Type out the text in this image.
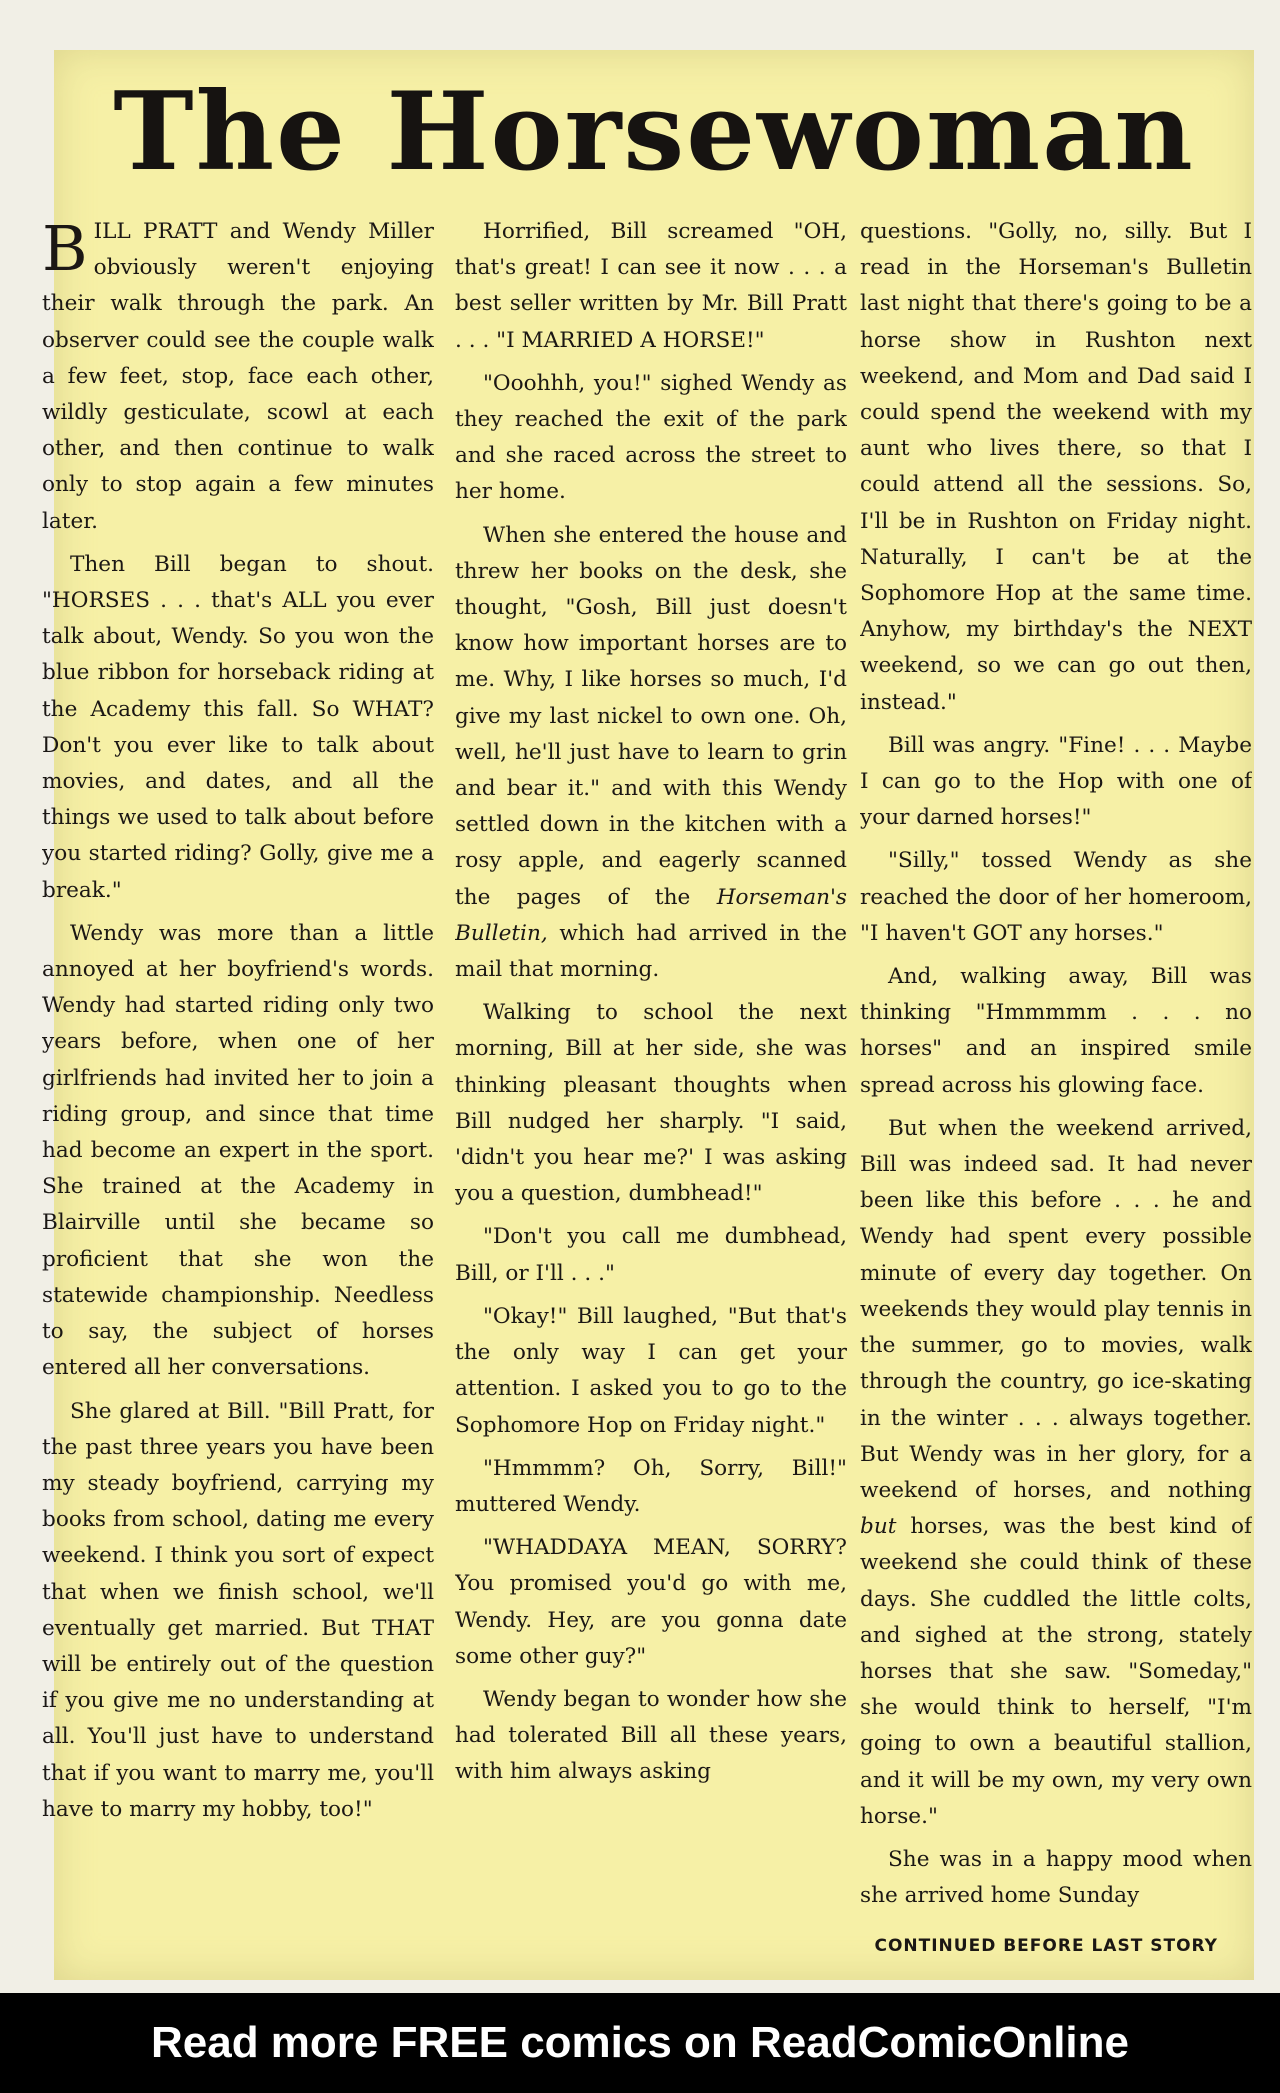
The Horsewoman

BILL PRATT and Wendy Miller obviously weren't enjoying their walk through the park. An observer could see the couple walk a few feet, stop, face each other, wildly gesticulate, scowl at each other, and then continue to walk only to stop again a few minutes later.

Then Bill began to shout. "HORSES . . . that's ALL you ever talk about, Wendy. So you won the blue ribbon for horseback riding at the Academy this fall. So WHAT? Don't you ever like to talk about movies, and dates, and all the things we used to talk about before you started riding? Golly, give me a break."

Wendy was more than a little annoyed at her boyfriend's words. Wendy had started riding only two years before, when one of her girlfriends had invited her to join a riding group, and since that time had become an expert in the sport. She trained at the Academy in Blairville until she became so proficient that she won the statewide championship. Needless to say, the subject of horses entered all her conversations.

She glared at Bill. "Bill Pratt, for the past three years you have been my steady boyfriend, carrying my books from school, dating me every weekend. I think you sort of expect that when we finish school, we'll eventually get married. But THAT will be entirely out of the question if you give me no understanding at all. You'll just have to understand that if you want to marry me, you'll have to marry my hobby, too!"

Horrified, Bill screamed "OH, that's great! I can see it now . . . a best seller written by Mr. Bill Pratt . . . "I MARRIED A HORSE!"

"Ooohhh, you!" sighed Wendy as they reached the exit of the park and she raced across the street to her home.

When she entered the house and threw her books on the desk, she thought, "Gosh, Bill just doesn't know how important horses are to me. Why, I like horses so much, I'd give my last nickel to own one. Oh, well, he'll just have to learn to grin and bear it." and with this Wendy settled down in the kitchen with a rosy apple, and eagerly scanned the pages of the Horseman's Bulletin, which had arrived in the mail that morning.

Walking to school the next morning, Bill at her side, she was thinking pleasant thoughts when Bill nudged her sharply. "I said, 'didn't you hear me?' I was asking you a question, dumbhead!"

"Don't you call me dumbhead, Bill, or I'll . . ."

"Okay!" Bill laughed, "But that's the only way I can get your attention. I asked you to go to the Sophomore Hop on Friday night."

"Hmmmm? Oh, Sorry, Bill!" muttered Wendy.

"WHADDAYA MEAN, SORRY? You promised you'd go with me, Wendy. Hey, are you gonna date some other guy?"

Wendy began to wonder how she had tolerated Bill all these years, with him always asking

questions. "Golly, no, silly. But I read in the Horseman's Bulletin last night that there's going to be a horse show in Rushton next weekend, and Mom and Dad said I could spend the weekend with my aunt who lives there, so that I could attend all the sessions. So, I'll be in Rushton on Friday night. Naturally, I can't be at the Sophomore Hop at the same time. Anyhow, my birthday's the NEXT weekend, so we can go out then, instead."

Bill was angry. "Fine! . . . Maybe I can go to the Hop with one of your darned horses!"

"Silly," tossed Wendy as she reached the door of her homeroom, "I haven't GOT any horses."

And, walking away, Bill was thinking "Hmmmmm . . . no horses" and an inspired smile spread across his glowing face.

But when the weekend arrived, Bill was indeed sad. It had never been like this before . . . he and Wendy had spent every possible minute of every day together. On weekends they would play tennis in the summer, go to movies, walk through the country, go ice-skating in the winter . . . always together. But Wendy was in her glory, for a weekend of horses, and nothing but horses, was the best kind of weekend she could think of these days. She cuddled the little colts, and sighed at the strong, stately horses that she saw. "Someday," she would think to herself, "I'm going to own a beautiful stallion, and it will be my own, my very own horse."

She was in a happy mood when she arrived home Sunday

CONTINUED BEFORE LAST STORY
Read more FREE comics on ReadComicOnline
